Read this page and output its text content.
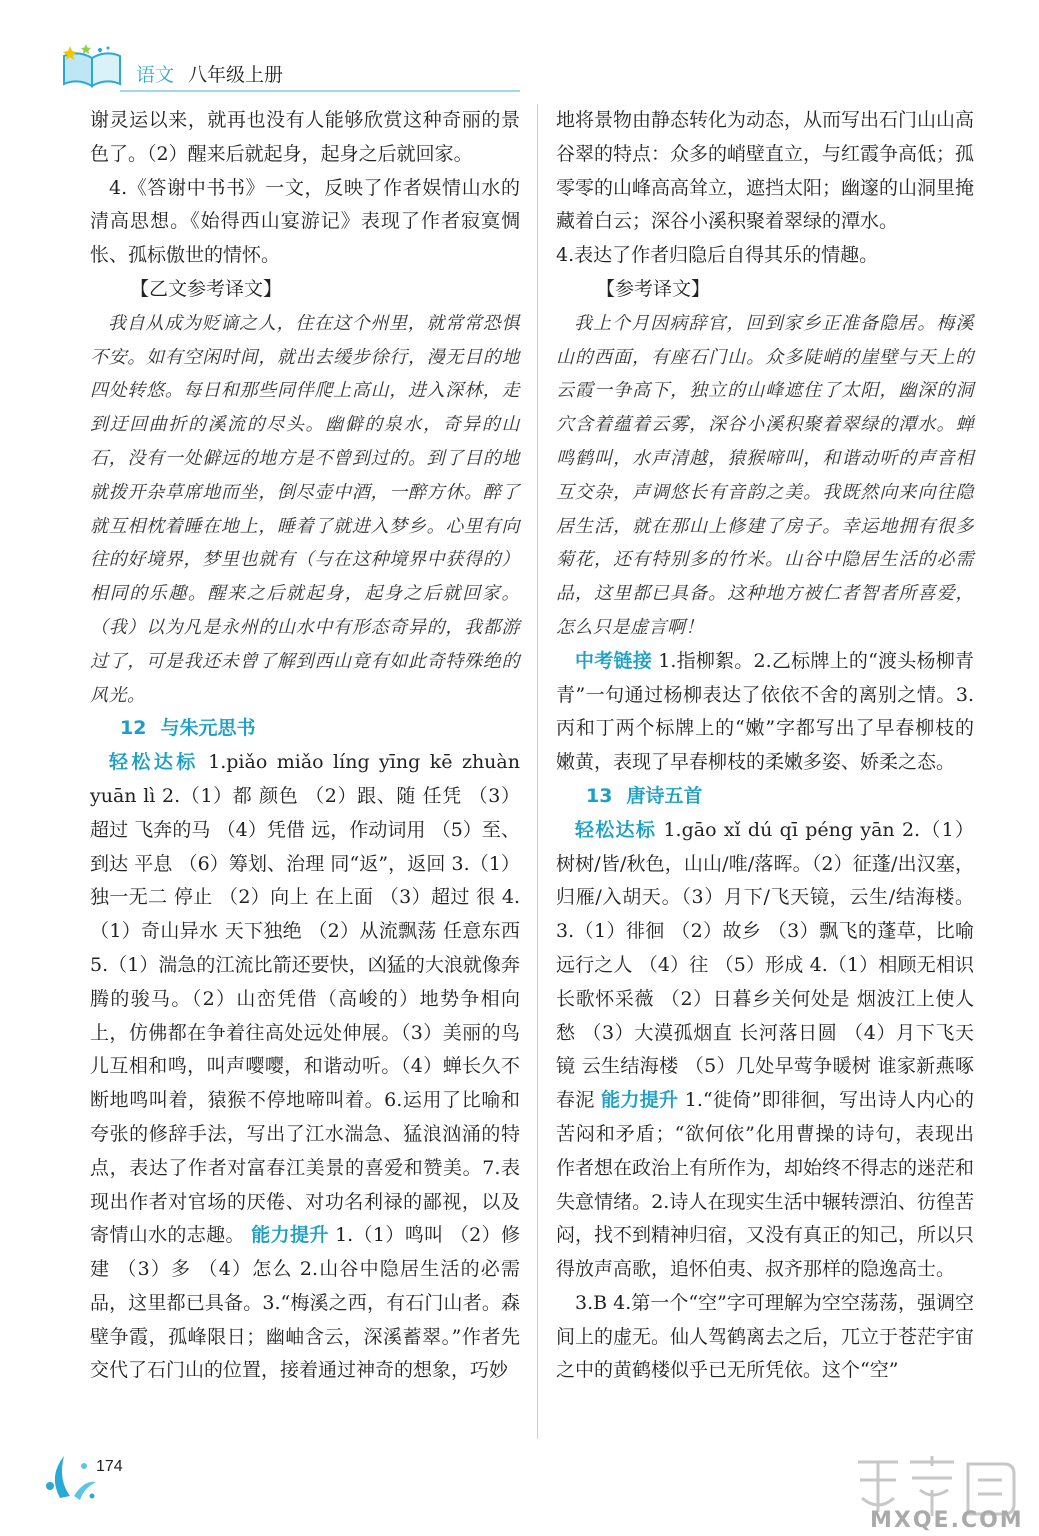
语文 八年级上册

谢灵运以来，就再也没有人能够欣赏这种奇丽的景色了。（2）醒来后就起身，起身之后就回家。

4.《答谢中书书》一文，反映了作者娱情山水的清高思想。《始得西山宴游记》表现了作者寂寞惆怅、孤标傲世的情怀。

【乙文参考译文】

我自从成为贬谪之人，住在这个州里，就常常恐惧不安。如有空闲时间，就出去缓步徐行，漫无目的地四处转悠。每日和那些同伴爬上高山，进入深林，走到迂回曲折的溪流的尽头。幽僻的泉水，奇异的山石，没有一处僻远的地方是不曾到过的。到了目的地就拨开杂草席地而坐，倒尽壶中酒，一醉方休。醉了就互相枕着睡在地上，睡着了就进入梦乡。心里有向往的好境界，梦里也就有（与在这种境界中获得的）相同的乐趣。醒来之后就起身，起身之后就回家。（我）以为凡是永州的山水中有形态奇异的，我都游过了，可是我还未曾了解到西山竟有如此奇特殊绝的风光。

12 与朱元思书

轻松达标 1.piǎo miǎo líng yīng kē zhuàn yuān lì 2.（1）都 颜色 （2）跟、随 任凭 （3）超过 飞奔的马 （4）凭借 远，作动词用 （5）至、到达 平息 （6）筹划、治理 同“返”，返回 3.（1）独一无二 停止 （2）向上 在上面 （3）超过 很 4.（1）奇山异水 天下独绝 （2）从流飘荡 任意东西 5.（1）湍急的江流比箭还要快，凶猛的大浪就像奔腾的骏马。（2）山峦凭借（高峻的）地势争相向上，仿佛都在争着往高处远处伸展。（3）美丽的鸟儿互相和鸣，叫声嘤嘤，和谐动听。（4）蝉长久不断地鸣叫着，猿猴不停地啼叫着。6.运用了比喻和夸张的修辞手法，写出了江水湍急、猛浪汹涌的特点，表达了作者对富春江美景的喜爱和赞美。7.表现出作者对官场的厌倦、对功名利禄的鄙视，以及寄情山水的志趣。 能力提升 1.（1）鸣叫 （2）修建 （3）多 （4）怎么 2.山谷中隐居生活的必需品，这里都已具备。3.“梅溪之西，有石门山者。森壁争霞，孤峰限日；幽岫含云，深溪蓄翠。”作者先交代了石门山的位置，接着通过神奇的想象，巧妙

地将景物由静态转化为动态，从而写出石门山山高谷翠的特点：众多的峭壁直立，与红霞争高低；孤零零的山峰高高耸立，遮挡太阳；幽邃的山洞里掩藏着白云；深谷小溪积聚着翠绿的潭水。

4.表达了作者归隐后自得其乐的情趣。

【参考译文】

我上个月因病辞官，回到家乡正准备隐居。梅溪山的西面，有座石门山。众多陡峭的崖壁与天上的云霞一争高下，独立的山峰遮住了太阳，幽深的洞穴含着蕴着云雾，深谷小溪积聚着翠绿的潭水。蝉鸣鹤叫，水声清越，猿猴啼叫，和谐动听的声音相互交杂，声调悠长有音韵之美。我既然向来向往隐居生活，就在那山上修建了房子。幸运地拥有很多菊花，还有特别多的竹米。山谷中隐居生活的必需品，这里都已具备。这种地方被仁者智者所喜爱，怎么只是虚言啊！

中考链接 1.指柳絮。2.乙标牌上的“渡头杨柳青青”一句通过杨柳表达了依依不舍的离别之情。3.丙和丁两个标牌上的“嫩”字都写出了早春柳枝的嫩黄，表现了早春柳枝的柔嫩多姿、娇柔之态。

13 唐诗五首

轻松达标 1.gāo xǐ dú qī péng yān 2.（1）树树/皆/秋色，山山/唯/落晖。（2）征蓬/出汉塞，归雁/入胡天。（3）月下/飞天镜，云生/结海楼。3.（1）徘徊 （2）故乡 （3）飘飞的蓬草，比喻远行之人 （4）往 （5）形成 4.（1）相顾无相识 长歌怀采薇 （2）日暮乡关何处是 烟波江上使人愁 （3）大漠孤烟直 长河落日圆 （4）月下飞天镜 云生结海楼 （5）几处早莺争暖树 谁家新燕啄春泥 能力提升 1.“徙倚”即徘徊，写出诗人内心的苦闷和矛盾；“欲何依”化用曹操的诗句，表现出作者想在政治上有所作为，却始终不得志的迷茫和失意情绪。2.诗人在现实生活中辗转漂泊、彷徨苦闷，找不到精神归宿，又没有真正的知己，所以只得放声高歌，追怀伯夷、叔齐那样的隐逸高士。

3.B 4.第一个“空”字可理解为空空荡荡，强调空间上的虚无。仙人驾鹤离去之后，兀立于苍茫宇宙之中的黄鹤楼似乎已无所凭依。这个“空”

174
MXQE.COM
